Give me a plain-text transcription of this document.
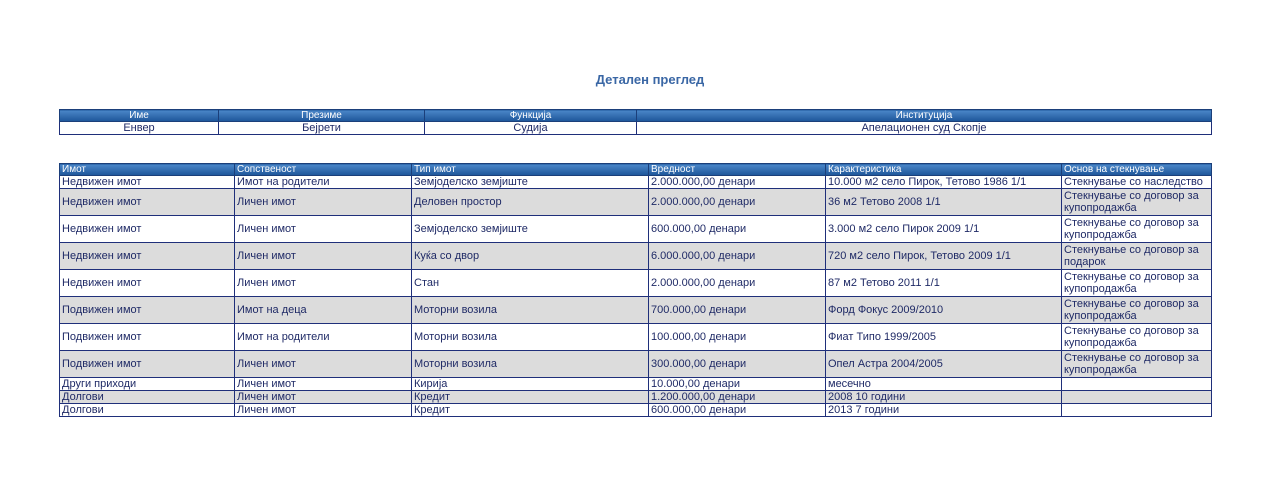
Детален преглед
Име	Презиме	Функција	Институција
Енвер	Бејрети	Судија	Апелационен суд Скопје
Имот	Сопственост	Тип имот	Вредност	Карактеристика	Основ на стекнување
Недвижен имот	Имот на родители	Земјоделско земјиште	2.000.000,00 денари	10.000 м2 село Пирок, Тетово 1986 1/1	Стекнување со наследство
Недвижен имот	Личен имот	Деловен простор	2.000.000,00 денари	36 м2 Тетово 2008 1/1	Стекнување со договор за купопродажба
Недвижен имот	Личен имот	Земјоделско земјиште	600.000,00 денари	3.000 м2 село Пирок 2009 1/1	Стекнување со договор за купопродажба
Недвижен имот	Личен имот	Куќа со двор	6.000.000,00 денари	720 м2 село Пирок, Тетово 2009 1/1	Стекнување со договор за подарок
Недвижен имот	Личен имот	Стан	2.000.000,00 денари	87 м2 Тетово 2011 1/1	Стекнување со договор за купопродажба
Подвижен имот	Имот на деца	Моторни возила	700.000,00 денари	Форд Фокус 2009/2010	Стекнување со договор за купопродажба
Подвижен имот	Имот на родители	Моторни возила	100.000,00 денари	Фиат Типо 1999/2005	Стекнување со договор за купопродажба
Подвижен имот	Личен имот	Моторни возила	300.000,00 денари	Опел Астра 2004/2005	Стекнување со договор за купопродажба
Други приходи	Личен имот	Кирија	10.000,00 денари	месечно	
Долгови	Личен имот	Кредит	1.200.000,00 денари	2008 10 години	
Долгови	Личен имот	Кредит	600.000,00 денари	2013 7 години	
